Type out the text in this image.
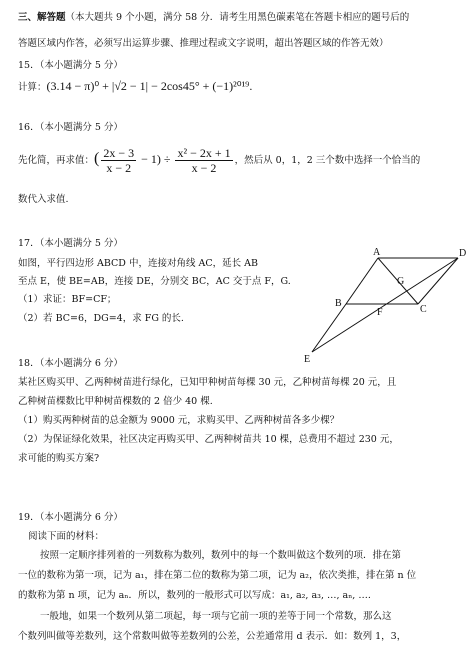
三、解答题（本大题共 9 个小题，满分 58 分．请考生用黑色碳素笔在答题卡相应的题号后的
答题区域内作答，必须写出运算步骤、推理过程或文字说明，超出答题区域的作答无效）
15．（本小题满分 5 分）
计算：(3.14 − π)⁰ + |√2 − 1| − 2cos45° + (−1)²⁰¹⁹.
16．（本小题满分 5 分）
先化简，再求值：( $\frac{2x - 3}{x - 2} - 1) \div \frac{\text{x² − 2x + 1}}{x - 2}$ ，然后从 0，1，2 三个数中选择一个恰当的
数代入求值.
17．（本小题满分 5 分）
如图，平行四边形 ABCD 中，连接对角线 AC，延长 AB
至点 E，使 BE=AB，连接 DE，分别交 BC，AC 交于点 F，G.
（1）求证：BF=CF；
（2）若 BC=6，DG=4，求 FG 的长.
A	D
G
B
F	C
E
18．（本小题满分 6 分）
某社区购买甲、乙两种树苗进行绿化，已知甲种树苗每棵 30 元，乙种树苗每棵 20 元，且
乙种树苗棵数比甲种树苗棵数的 2 倍少 40 棵.
（1）购买两种树苗的总金额为 9000 元，求购买甲、乙两种树苗各多少棵？
（2）为保证绿化效果，社区决定再购买甲、乙两种树苗共 10 棵，总费用不超过 230 元，
求可能的购买方案?
19．（本小题满分 6 分）
阅读下面的材料：
按照一定顺序排列着的一列数称为数列，数列中的每一个数叫做这个数列的项．排在第
一位的数称为第一项，记为 a₁，排在第二位的数称为第二项，记为 a₂，依次类推，排在第 n 位
的数称为第 n 项，记为 aₙ．所以，数列的一般形式可以写成：a₁, a₂, a₃, …, aₙ, ….
一般地，如果一个数列从第二项起，每一项与它前一项的差等于同一个常数，那么这
个数列叫做等差数列，这个常数叫做等差数列的公差，公差通常用 d 表示．如：数列 1，3，
